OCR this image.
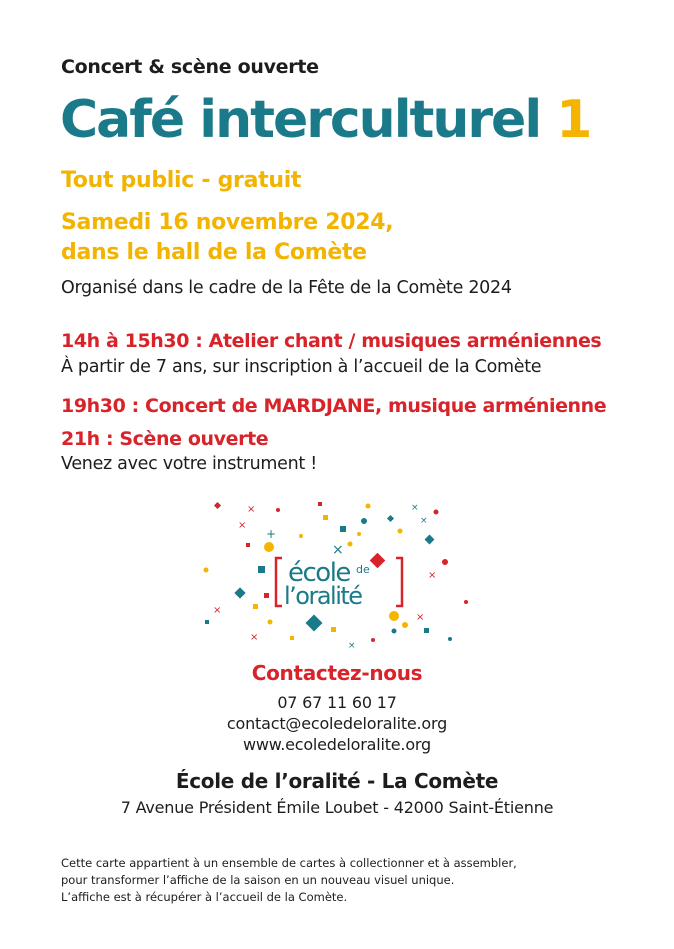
Concert & scène ouverte
Café interculturel 1
Tout public - gratuit
Samedi 16 novembre 2024,
dans le hall de la Comète
Organisé dans le cadre de la Fête de la Comète 2024
14h à 15h30 : Atelier chant / musiques arméniennes
À partir de 7 ans, sur inscription à l’accueil de la Comète
19h30 : Concert de MARDJANE, musique arménienne
21h : Scène ouverte
Venez avec votre instrument !
×	×
×
×
+
×
×
×
×
×
×
école de
l’oralité
Contactez-nous
07 67 11 60 17
contact@ecoledeloralite.org
www.ecoledeloralite.org
École de l’oralité - La Comète
7 Avenue Président Émile Loubet - 42000 Saint-Étienne
Cette carte appartient à un ensemble de cartes à collectionner et à assembler,
pour transformer l’affiche de la saison en un nouveau visuel unique.
L’affiche est à récupérer à l’accueil de la Comète.
